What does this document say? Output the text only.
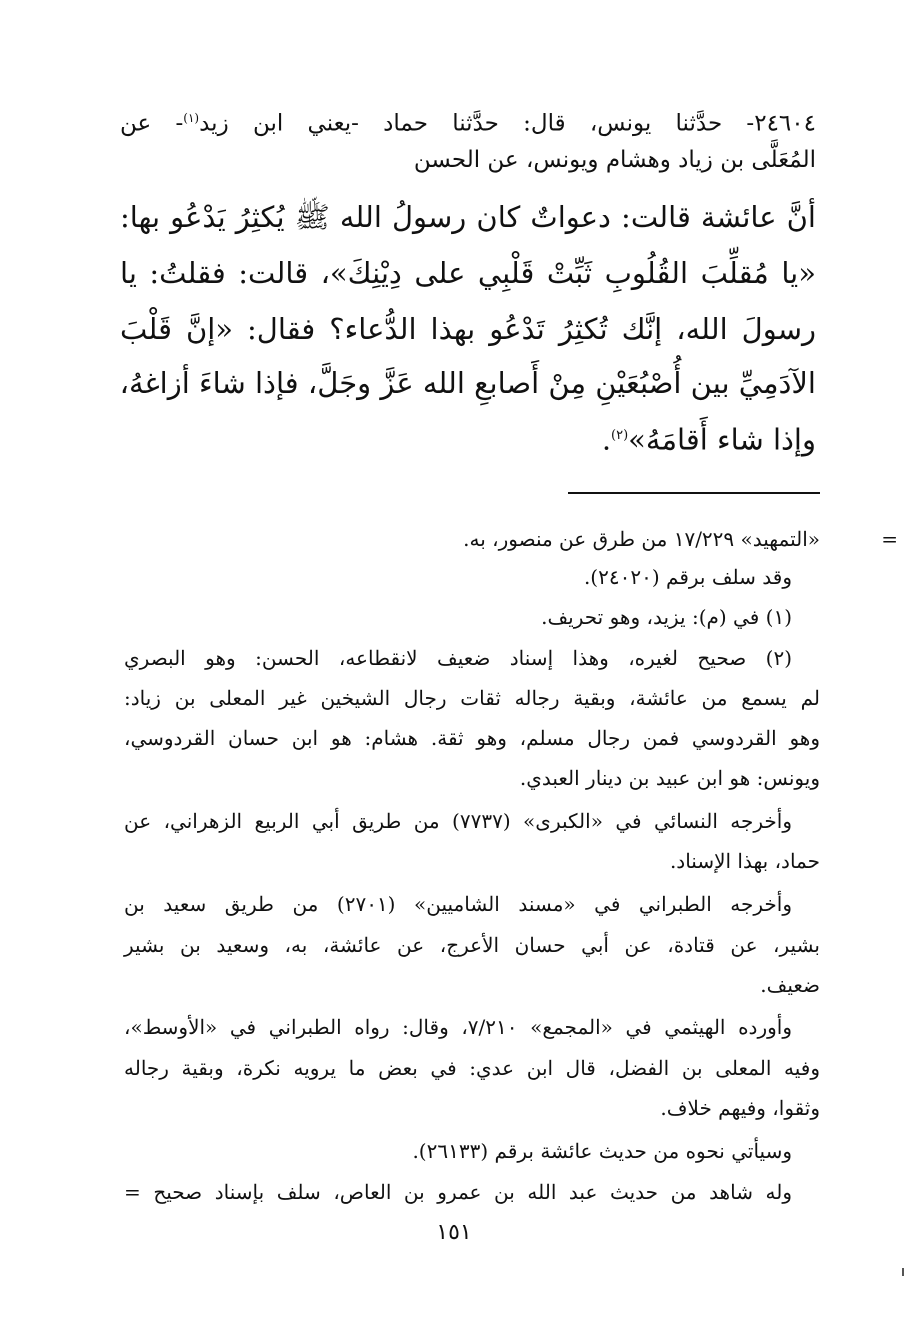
٢٤٦٠٤- حدَّثنا يونس، قال: حدَّثنا حماد -يعني ابن زيد$^{(١)}$- عن
المُعَلَّى بن زياد وهشام ويونس، عن الحسن
أنَّ عائشة قالت: دعواتٌ كان رسولُ الله ﷺ يُكثِرُ يَدْعُو بها:
«يا مُقلِّبَ القُلُوبِ ثَبِّتْ قَلْبِي على دِيْنِكَ»، قالت: فقلتُ: يا
رسولَ الله، إنَّك تُكثِرُ تَدْعُو بهذا الدُّعاء؟ فقال: «إنَّ قَلْبَ
الآدَمِيِّ بين أُصْبُعَيْنِ مِنْ أَصابعِ الله عَزَّ وجَلَّ، فإذا شاءَ أزاغهُ،
وإذا شاء أَقامَهُ»$^{(٢)}$.
=
«التمهيد» ١٧/٢٢٩ من طرق عن منصور، به.
وقد سلف برقم (٢٤٠٢٠).
(١) في (م): يزيد، وهو تحريف.
(٢) صحيح لغيره، وهذا إسناد ضعيف لانقطاعه، الحسن: وهو البصري
لم يسمع من عائشة، وبقية رجاله ثقات رجال الشيخين غير المعلى بن زياد:
وهو القردوسي فمن رجال مسلم، وهو ثقة. هشام: هو ابن حسان القردوسي،
ويونس: هو ابن عبيد بن دينار العبدي.
وأخرجه النسائي في «الكبرى» (٧٧٣٧) من طريق أبي الربيع الزهراني، عن
حماد، بهذا الإسناد.
وأخرجه الطبراني في «مسند الشاميين» (٢٧٠١) من طريق سعيد بن
بشير، عن قتادة، عن أبي حسان الأعرج، عن عائشة، به، وسعيد بن بشير
ضعيف.
وأورده الهيثمي في «المجمع» ٧/٢١٠، وقال: رواه الطبراني في «الأوسط»،
وفيه المعلى بن الفضل، قال ابن عدي: في بعض ما يرويه نكرة، وبقية رجاله
وثقوا، وفيهم خلاف.
وسيأتي نحوه من حديث عائشة برقم (٢٦١٣٣).
وله شاهد من حديث عبد الله بن عمرو بن العاص، سلف بإسناد صحيح =
١٥١
